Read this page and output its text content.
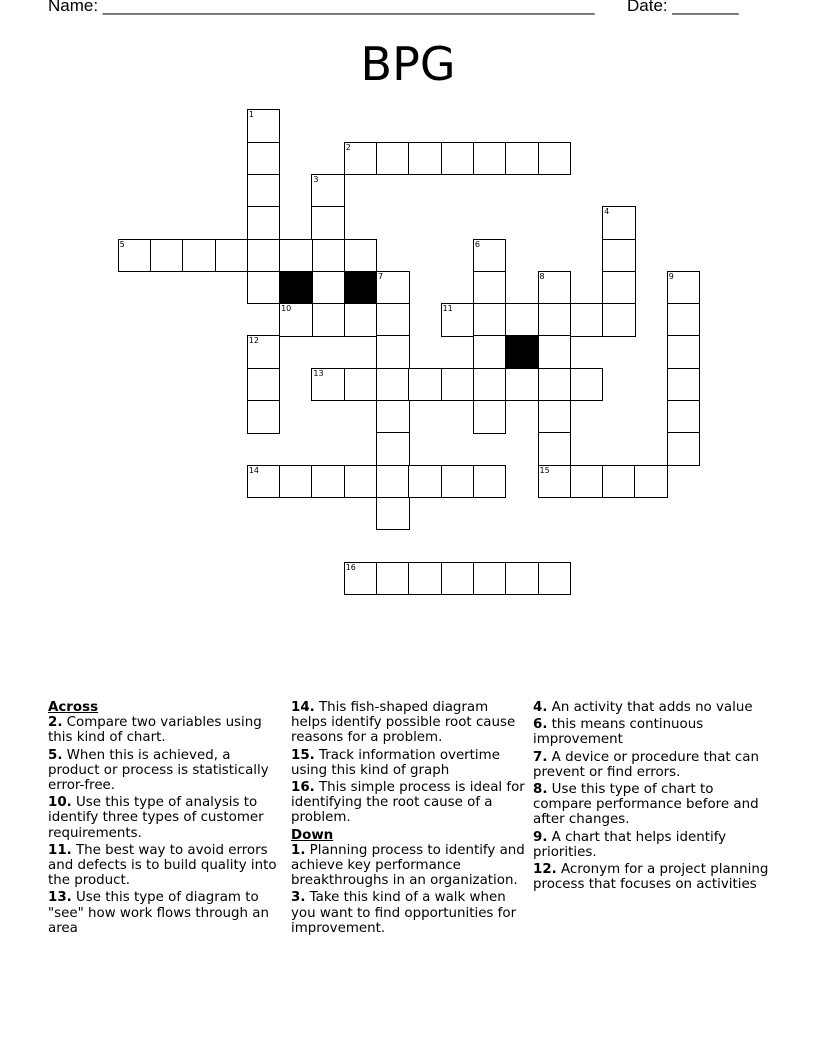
Name: ____________________________________________________ Date: _______
BPG
1
2
3
5
7
4
6
8	9
10	11
12
13
14	15
16

Across

2. Compare two variables using this kind of chart.

5. When this is achieved, a product or process is statistically error-free.

10. Use this type of analysis to identify three types of customer requirements.

11. The best way to avoid errors and defects is to build quality into the product.

13. Use this type of diagram to "see" how work flows through an area

14. This fish-shaped diagram helps identify possible root cause reasons for a problem.

15. Track information overtime using this kind of graph

16. This simple process is ideal for identifying the root cause of a problem.

Down

1. Planning process to identify and achieve key performance breakthroughs in an organization.

3. Take this kind of a walk when you want to find opportunities for improvement.

4. An activity that adds no value

6. this means continuous improvement

7. A device or procedure that can prevent or find errors.

8. Use this type of chart to compare performance before and after changes.

9. A chart that helps identify priorities.

12. Acronym for a project planning process that focuses on activities
